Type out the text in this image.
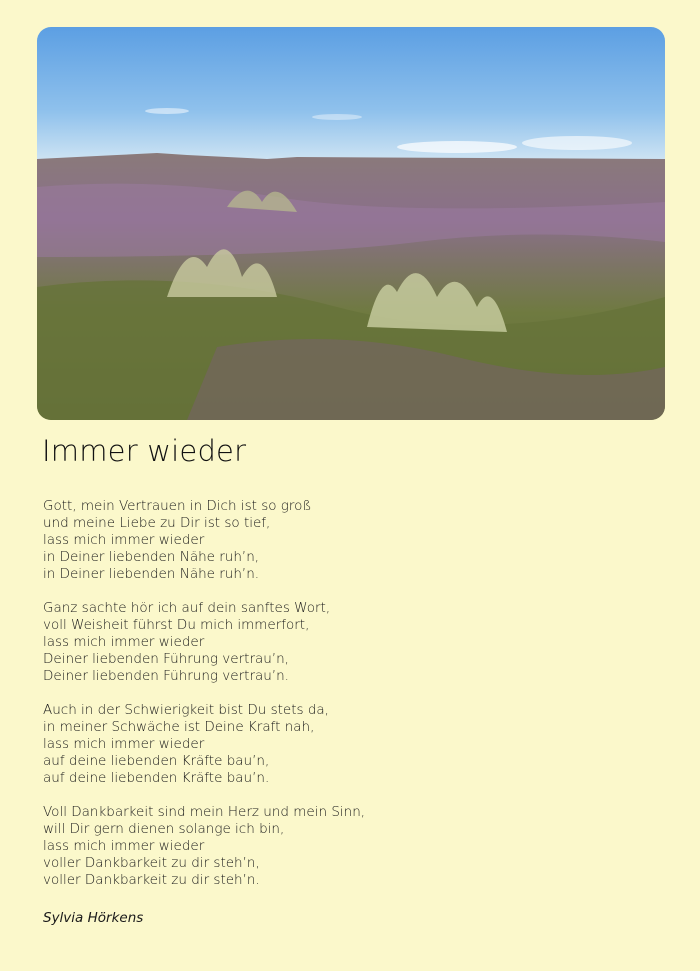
Immer wieder
Gott, mein Vertrauen in Dich ist so groß
und meine Liebe zu Dir ist so tief,
lass mich immer wieder
in Deiner liebenden Nähe ruh’n,
in Deiner liebenden Nähe ruh’n.
Ganz sachte hör ich auf dein sanftes Wort,
voll Weisheit führst Du mich immerfort,
lass mich immer wieder
Deiner liebenden Führung vertrau’n,
Deiner liebenden Führung vertrau’n.
Auch in der Schwierigkeit bist Du stets da,
in meiner Schwäche ist Deine Kraft nah,
lass mich immer wieder
auf deine liebenden Kräfte bau’n,
auf deine liebenden Kräfte bau’n.
Voll Dankbarkeit sind mein Herz und mein Sinn,
will Dir gern dienen solange ich bin,
lass mich immer wieder
voller Dankbarkeit zu dir steh’n,
voller Dankbarkeit zu dir steh’n.
Sylvia Hörkens
